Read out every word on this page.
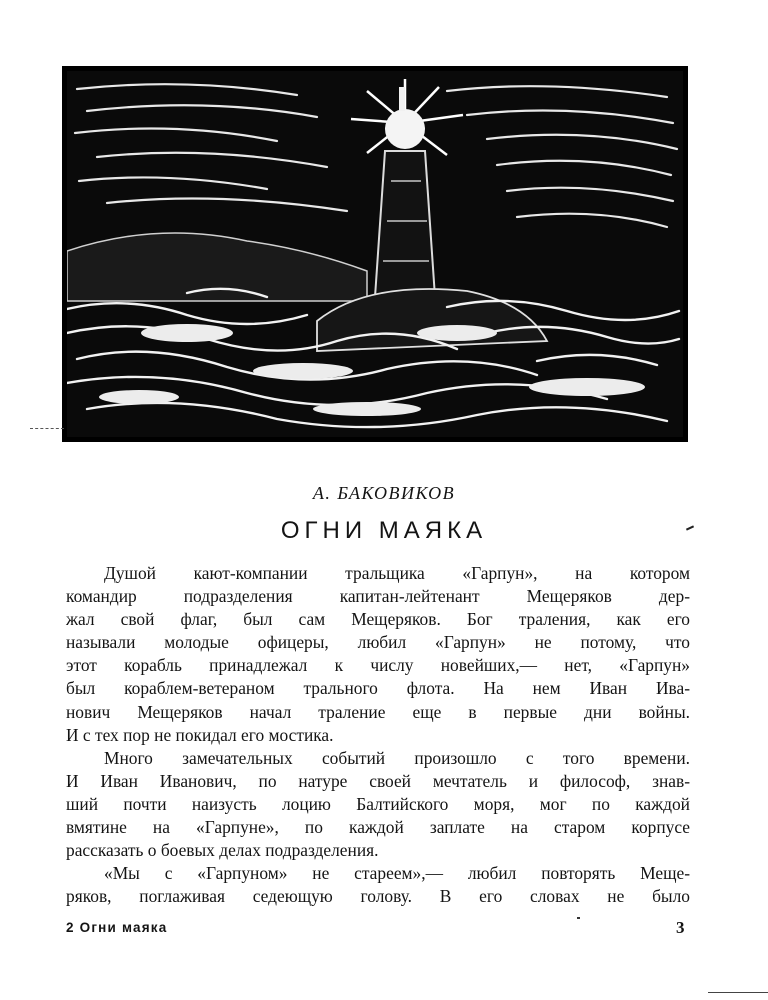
А. БАКОВИКОВ
ОГНИ МАЯКА
Душой кают-компании тральщика «Гарпун», на котором
командир подразделения капитан-лейтенант Мещеряков дер-
жал свой флаг, был сам Мещеряков. Бог траления, как его
называли молодые офицеры, любил «Гарпун» не потому, что
этот корабль принадлежал к числу новейших,— нет, «Гарпун»
был кораблем-ветераном трального флота. На нем Иван Ива-
нович Мещеряков начал траление еще в первые дни войны.
И с тех пор не покидал его мостика.
Много замечательных событий произошло с того времени.
И Иван Иванович, по натуре своей мечтатель и философ, знав-
ший почти наизусть лоцию Балтийского моря, мог по каждой
вмятине на «Гарпуне», по каждой заплате на старом корпусе
рассказать о боевых делах подразделения.
«Мы с «Гарпуном» не стареем»,— любил повторять Меще-
ряков, поглаживая седеющую голову. В его словах не было
2 Огни маяка	3
